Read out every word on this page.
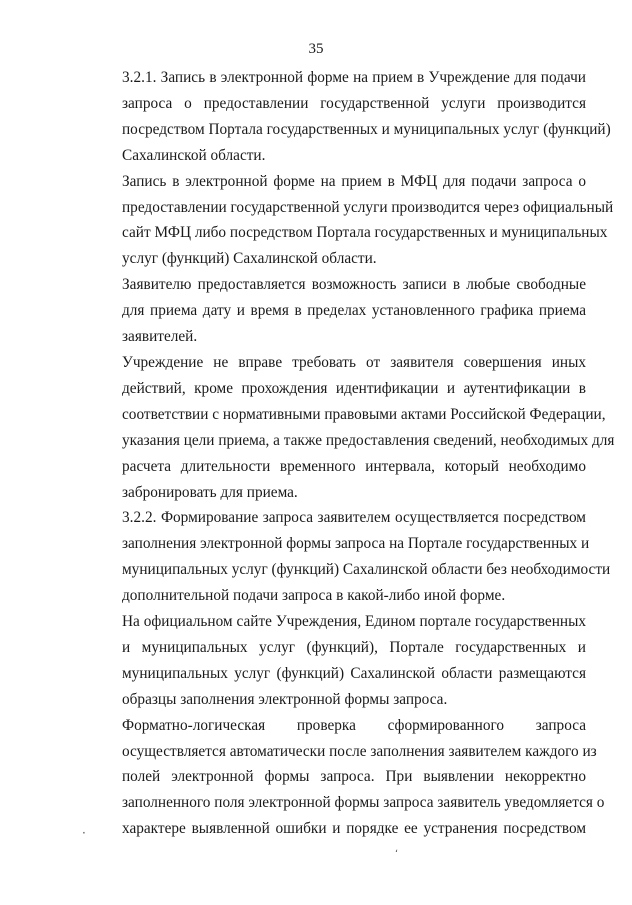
35
3.2.1. Запись в электронной форме на прием в Учреждение для подачи
запроса о предоставлении государственной услуги производится
посредством Портала государственных и муниципальных услуг (функций)
Сахалинской области.
Запись в электронной форме на прием в МФЦ для подачи запроса о
предоставлении государственной услуги производится через официальный
сайт МФЦ либо посредством Портала государственных и муниципальных
услуг (функций) Сахалинской области.
Заявителю предоставляется возможность записи в любые свободные
для приема дату и время в пределах установленного графика приема
заявителей.
Учреждение не вправе требовать от заявителя совершения иных
действий, кроме прохождения идентификации и аутентификации в
соответствии с нормативными правовыми актами Российской Федерации,
указания цели приема, а также предоставления сведений, необходимых для
расчета длительности временного интервала, который необходимо
забронировать для приема.
3.2.2. Формирование запроса заявителем осуществляется посредством
заполнения электронной формы запроса на Портале государственных и
муниципальных услуг (функций) Сахалинской области без необходимости
дополнительной подачи запроса в какой-либо иной форме.
На официальном сайте Учреждения, Едином портале государственных
и муниципальных услуг (функций), Портале государственных и
муниципальных услуг (функций) Сахалинской области размещаются
образцы заполнения электронной формы запроса.
Форматно-логическая проверка сформированного запроса
осуществляется автоматически после заполнения заявителем каждого из
полей электронной формы запроса. При выявлении некорректно
заполненного поля электронной формы запроса заявитель уведомляется о
характере выявленной ошибки и порядке ее устранения посредством
·
ʻ
